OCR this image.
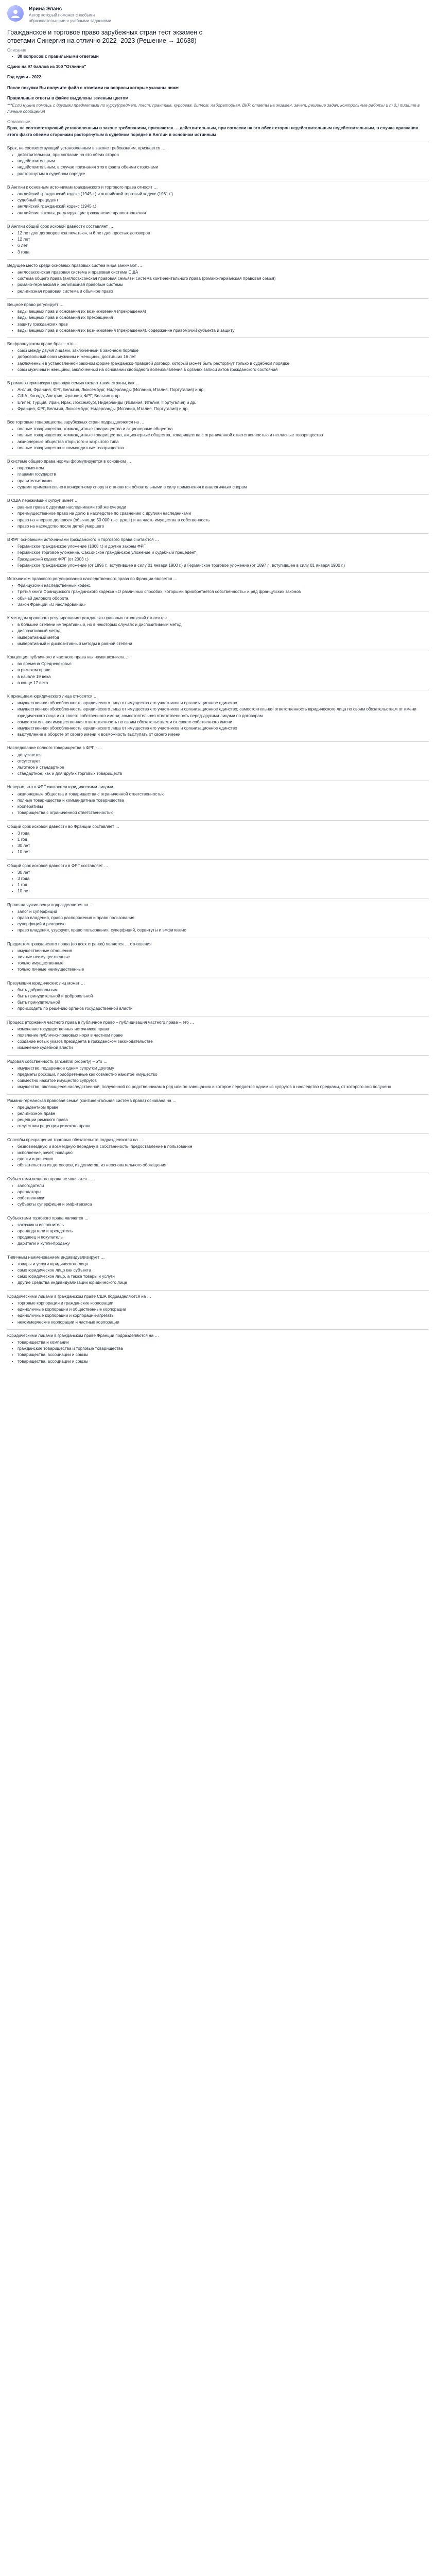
Ирина Эланс
Автор который поможет с любыми образовательными и учебными заданиями
Гражданское и торговое право зарубежных стран тест экзамен с ответами Синергия на отлично 2022 -2023 (Решение → 10638)
Описание
• 30 вопросов с правильными ответами

Сдано на 97 баллов из 100 "Отлично"

Год сдачи - 2022.

После покупки Вы получите файл с ответами на вопросы которые указаны ниже:

Правильные ответы в файле выделены зеленым цветом

***Если нужна помощь с другими предметами по курсу(предмет, тест, практика, курсовая, диплом, лабораторная, ВКР, ответы на экзамен, зачет, решение задач, контрольные работы и т.д.) пишите в личные сообщения

Оглавление

Брак, не соответствующий установленным в законе требованиям, признаются … действительным, при согласии на это обеих сторон недействительным недействительным, в случае признания этого факта обеими сторонами расторгнутым в судебном порядке в Англии в основном истинным

Брак, не соответствующий установленным в законе требованиям, признается …

• действительным, при согласии на это обеих сторон
• недействительным
• недействительным, в случае признания этого факта обеими сторонами
• расторгнутым в судебном порядке

В Англии к основным источникам гражданского и торгового права относят …

• английский гражданский кодекс (1945 г.) и английский торговый кодекс (1981 г.)
• судебный прецедент
• английский гражданский кодекс (1945 г.)
• английские законы, регулирующие гражданские правоотношения

В Англии общий срок исковой давности составляет …

• 12 лет для договоров «за печатью», и 6 лет для простых договоров
• 12 лет
• 6 лет
• 3 года

Ведущее место среди основных правовых систем мира занимают …

• англосаксонская правовая система и правовая система США
• система общего права (англосаксонская правовая семья) и система континентального права (романо-германская правовая семья)
• романо-германская и религиозная правовые системы
• религиозная правовая система и обычное право

Вещное право регулирует …

• виды вещных прав и основания их возникновения (прекращения)
• виды вещных прав и основания их прекращения
• защиту гражданских прав
• виды вещных прав и основания их возникновения (прекращения), содержание правомочий субъекта и защиту

Во французском праве брак – это …

• союз между двумя лицами, заключенный в законном порядке
• добровольный союз мужчины и женщины, достигших 16 лет
• заключенный в установленной законом форме гражданско-правовой договор, который может быть расторгнут только в судебном порядке
• союз мужчины и женщины, заключенный на основании свободного волеизъявления в органах записи актов гражданского состояния

В романо-германскую правовую семью входят такие страны, как …

• Англия, Франция, ФРГ, Бельгия, Люксембург, Нидерланды (Испания, Италия, Португалия) и др.
• США, Канада, Австрия, Франция, ФРГ, Бельгия и др.
• Египет, Турция, Иран, Ирак, Люксембург, Нидерланды (Испания, Италия, Португалия) и др.
• Франция, ФРГ, Бельгия, Люксембург, Нидерланды (Испания, Италия, Португалия) и др.

Все торговые товарищества зарубежных стран подразделяются на …

• полные товарищества, коммандитные товарищества и акционерные общества
• полные товарищества, коммандитные товарищества, акционерные общества, товарищества с ограниченной ответственностью и негласные товарищества
• акционерные общества открытого и закрытого типа
• полные товарищества и коммандитные товарищества

В системе общего права нормы формулируются в основном …

• парламентом
• главами государств
• правительствами
• судами применительно к конкретному спору и становятся обязательными в силу применения к аналогичным спорам

В США переживший супруг имеет …

• равные права с другими наследниками той же очереди
• преимущественное право на долю в наследстве по сравнению с другими наследниками
• право на «первое долевое» (обычно до 50 000 тыс. долл.) и на часть имущества в собственность
• право на наследство после детей умершего

В ФРГ основными источниками гражданского и торгового права считаются …

• Германское гражданское уложение (1868 г.) и другие законы ФРГ
• Германское торговое уложение, Саксонское гражданское уложение и судебный прецедент
• Гражданский кодекс ФРГ (от 2003 г.)
• Германское гражданское уложение (от 1896 г., вступившее в силу 01 января 1900 г.) и Германское торговое уложение (от 1897 г., вступившее в силу 01 января 1900 г.)

Источником правового регулирования наследственного права во Франции является …

• Французский наследственный кодекс
• Третья книга Французского гражданского кодекса «О различных способах, которыми приобретается собственность» и ряд французских законов
• обычай делового оборота
• Закон Франции «О наследовании»

К методам правового регулирования гражданско-правовых отношений относится …

• в большей степени императивный, но в некоторых случаях и диспозитивный метод
• диспозитивный метод
• императивный метод
• императивный и диспозитивный методы в равной степени

Концепция публичного и частного права как науки возникла …

• во времена Средневековья
• в римском праве
• в начале 19 века
• в конце 17 века

К принципам юридического лица относятся …

• имущественная обособленность юридического лица от имущества его участников и организационное единство
• имущественная обособленность юридического лица от имущества его участников и организационное единство; самостоятельная ответственность юридического лица по своим обязательствам от имени юридического лица и от своего собственного имени; самостоятельная ответственность перед другими лицами по договорам
• самостоятельная имущественная ответственность по своим обязательствам и от своего собственного имени
• имущественная обособленность юридического лица от имущества его участников и организационное единство
• выступление в обороте от своего имени и возможность выступать от своего имени

Наследование полного товарищества в ФРГ - …

• допускается
• отсутствует
• льготное и стандартное
• стандартное, как и для других торговых товариществ

Неверно, что в ФРГ считаются юридическими лицами

• акционерные общества и товарищества с ограниченной ответственностью
• полные товарищества и коммандитные товарищества
• кооперативы
• товарищества с ограниченной ответственностью

Общий срок исковой давности во Франции составляет …

• 3 года
• 1 год
• 30 лет
• 10 лет

Общий срок исковой давности в ФРГ составляет …

• 30 лет
• 3 года
• 1 год
• 10 лет

Право на чужие вещи подразделяется на …

• залог и суперфиций
• право владения, право распоряжения и право пользования
• суперфиций и реверсию
• право владения, узуфрукт, право пользования, суперфиций, сервитуты и эмфитевзис

Предметом гражданского права (во всех странах) является … отношения

• имущественные отношения
• личные неимущественные
• только имущественные
• только личные неимущественные

Презумпция юридических лиц может …

• быть добровольным
• быть принудительной и добровольной
• быть принудительной
• происходить по решению органов государственной власти

Процесс вторжения частного права в публичное право – публицизация частного права – это …

• изменение государственных источников права
• появление публично-правовых норм в частном праве
• создание новых указов президента в гражданском законодательстве
• изменение судебной власти

Родовая собственность (ancestral property) – это …

• имущество, подаренное одним супругом другому
• предметы роскоши, приобретенные как совместно нажитое имущество
• совместно нажитое имущество супругов
• имущество, являющееся наследственной, полученной по родственникам в ряд или по завещанию и которое передается одним из супругов в наследство предками, от которого оно получено

Романо-германская правовая семья (континентальная система права) основана на …

• прецедентном праве
• религиозном праве
• рецепции римского права
• отсутствии рецепции римского права

Способы прекращения торговых обязательств подразделяются на …

• безвозмездную и возмездную передачу в собственность, предоставление в пользование
• исполнение, зачет, новацию
• сделки и решения
• обязательства из договоров, из деликтов, из неосновательного обогащения

Субъектами вещного права не являются …

• залогодатели
• арендаторы
• собственники
• субъекты суперфиция и эмфитевзиса

Субъектами торгового права являются …

• заказчик и исполнитель
• арендодатели и арендатель
• продавец и покупатель
• дарители и купли-продажу

Типичным наименованием индивидуализирует …

• товары и услуги юридического лица
• само юридическое лицо как субъекта
• само юридическое лицо, а также товары и услуги
• другие средства индивидуализации юридического лица

Юридическими лицами в гражданском праве США подразделяются на …

• торговые корпорации и гражданские корпорации
• единоличные корпорации и общественные корпорации
• единоличные корпорации и корпорации-агрегаты
• некоммерческие корпорации и частные корпорации

Юридическими лицами в гражданском праве Франции подразделяются на …

• товарищества и компании
• гражданские товарищества и торговые товарищества
• товарищества, ассоциации и союзы
• товарищества, ассоциации и союзы
